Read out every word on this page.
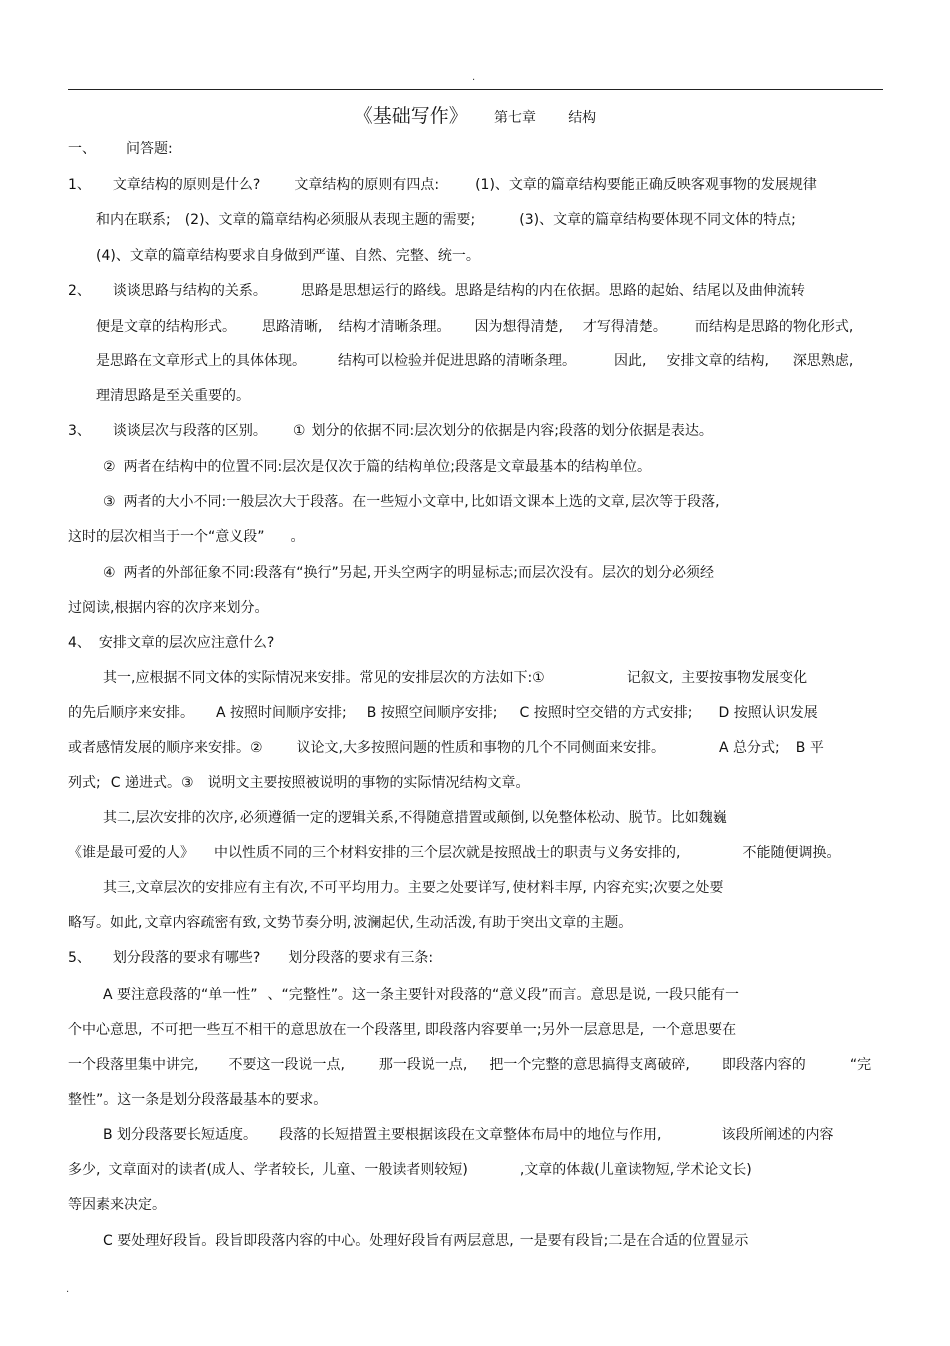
.
《基础写作》 第七章 结构
一、 问答题:
1、 文章结构的原则是什么? 文章结构的原则有四点:	(1)、文章的篇章结构要能正确反映客观事物的发展规律
和内在联系; (2)、文章的篇章结构必须服从表现主题的需要;	(3)、文章的篇章结构要体现不同文体的特点;
(4)、文章的篇章结构要求自身做到严谨、自然、完整、统一。
2、 谈谈思路与结构的关系。 思路是思想运行的路线。思路是结构的内在依据。思路的起始、结尾以及曲伸流转
便是文章的结构形式。 思路清晰, 结构才清晰条理。 因为想得清楚, 才写得清楚。 而结构是思路的物化形式,
是思路在文章形式上的具体体现。 结构可以检验并促进思路的清晰条理。	因此, 安排文章的结构, 深思熟虑,
理清思路是至关重要的。
3、 谈谈层次与段落的区别。 ① 划分的依据不同:层次划分的依据是内容;段落的划分依据是表达。
② 两者在结构中的位置不同:层次是仅次于篇的结构单位;段落是文章最基本的结构单位。
③ 两者的大小不同:一般层次大于段落。在一些短小文章中, 比如语文课本上选的文章, 层次等于段落,
这时的层次相当于一个“意义段” 。
④ 两者的外部征象不同:段落有“换行”另起, 开头空两字的明显标志;而层次没有。层次的划分必须经
过阅读,根据内容的次序来划分。
4、 安排文章的层次应注意什么?
其一,应根据不同文体的实际情况来安排。常见的安排层次的方法如下:①	记叙文, 主要按事物发展变化
的先后顺序来安排。 A 按照时间顺序安排; B 按照空间顺序安排; C 按照时空交错的方式安排; D 按照认识发展
或者感情发展的顺序来安排。② 议论文,大多按照问题的性质和事物的几个不同侧面来安排。	A 总分式; B 平
列式; C 递进式。③ 说明文主要按照被说明的事物的实际情况结构文章。
其二,层次安排的次序, 必须遵循一定的逻辑关系,不得随意措置或颠倒, 以免整体松动、脱节。比如魏巍
《谁是最可爱的人》 中以性质不同的三个材料安排的三个层次就是按照战士的职责与义务安排的,	不能随便调换。
其三,文章层次的安排应有主有次, 不可平均用力。主要之处要详写, 使材料丰厚, 内容充实;次要之处要
略写。如此, 文章内容疏密有致, 文势节奏分明, 波澜起伏, 生动活泼, 有助于突出文章的主题。
5、 划分段落的要求有哪些? 划分段落的要求有三条:
A 要注意段落的“单一性” 、“完整性”。这一条主要针对段落的“意义段”而言。意思是说, 一段只能有一
个中心意思, 不可把一些互不相干的意思放在一个段落里, 即段落内容要单一;另外一层意思是, 一个意思要在
一个段落里集中讲完, 不要这一段说一点, 那一段说一点, 把一个完整的意思搞得支离破碎, 即段落内容的	“完
整性”。这一条是划分段落最基本的要求。
B 划分段落要长短适度。 段落的长短措置主要根据该段在文章整体布局中的地位与作用,	该段所阐述的内容
多少, 文章面对的读者(成人、学者较长, 儿童、一般读者则较短)	,文章的体裁(儿童读物短, 学术论文长)
等因素来决定。
C 要处理好段旨。段旨即段落内容的中心。处理好段旨有两层意思, 一是要有段旨;二是在合适的位置显示
.
